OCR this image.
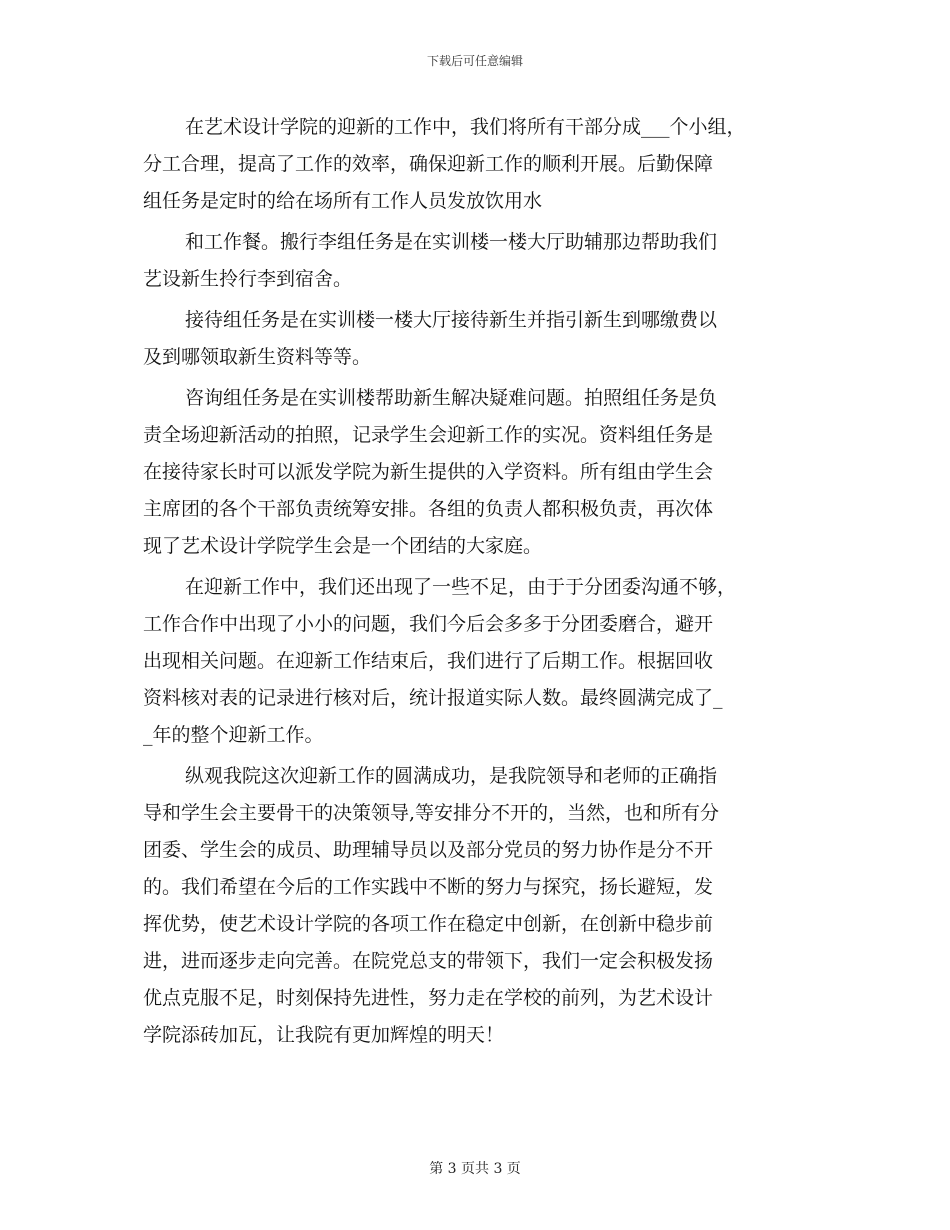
下载后可任意编辑
在艺术设计学院的迎新的工作中，我们将所有干部分成___个小组，
分工合理，提高了工作的效率，确保迎新工作的顺利开展。后勤保障
组任务是定时的给在场所有工作人员发放饮用水
和工作餐。搬行李组任务是在实训楼一楼大厅助辅那边帮助我们
艺设新生拎行李到宿舍。
接待组任务是在实训楼一楼大厅接待新生并指引新生到哪缴费以
及到哪领取新生资料等等。
咨询组任务是在实训楼帮助新生解决疑难问题。拍照组任务是负
责全场迎新活动的拍照，记录学生会迎新工作的实况。资料组任务是
在接待家长时可以派发学院为新生提供的入学资料。所有组由学生会
主席团的各个干部负责统筹安排。各组的负责人都积极负责，再次体
现了艺术设计学院学生会是一个团结的大家庭。
在迎新工作中，我们还出现了一些不足，由于于分团委沟通不够，
工作合作中出现了小小的问题，我们今后会多多于分团委磨合，避开
出现相关问题。在迎新工作结束后，我们进行了后期工作。根据回收
资料核对表的记录进行核对后，统计报道实际人数。最终圆满完成了_
_年的整个迎新工作。
纵观我院这次迎新工作的圆满成功，是我院领导和老师的正确指
导和学生会主要骨干的决策领导,等安排分不开的，当然，也和所有分
团委、学生会的成员、助理辅导员以及部分党员的努力协作是分不开
的。我们希望在今后的工作实践中不断的努力与探究，扬长避短，发
挥优势，使艺术设计学院的各项工作在稳定中创新，在创新中稳步前
进，进而逐步走向完善。在院党总支的带领下，我们一定会积极发扬
优点克服不足，时刻保持先进性，努力走在学校的前列，为艺术设计
学院添砖加瓦，让我院有更加辉煌的明天！
第 3 页共 3 页
